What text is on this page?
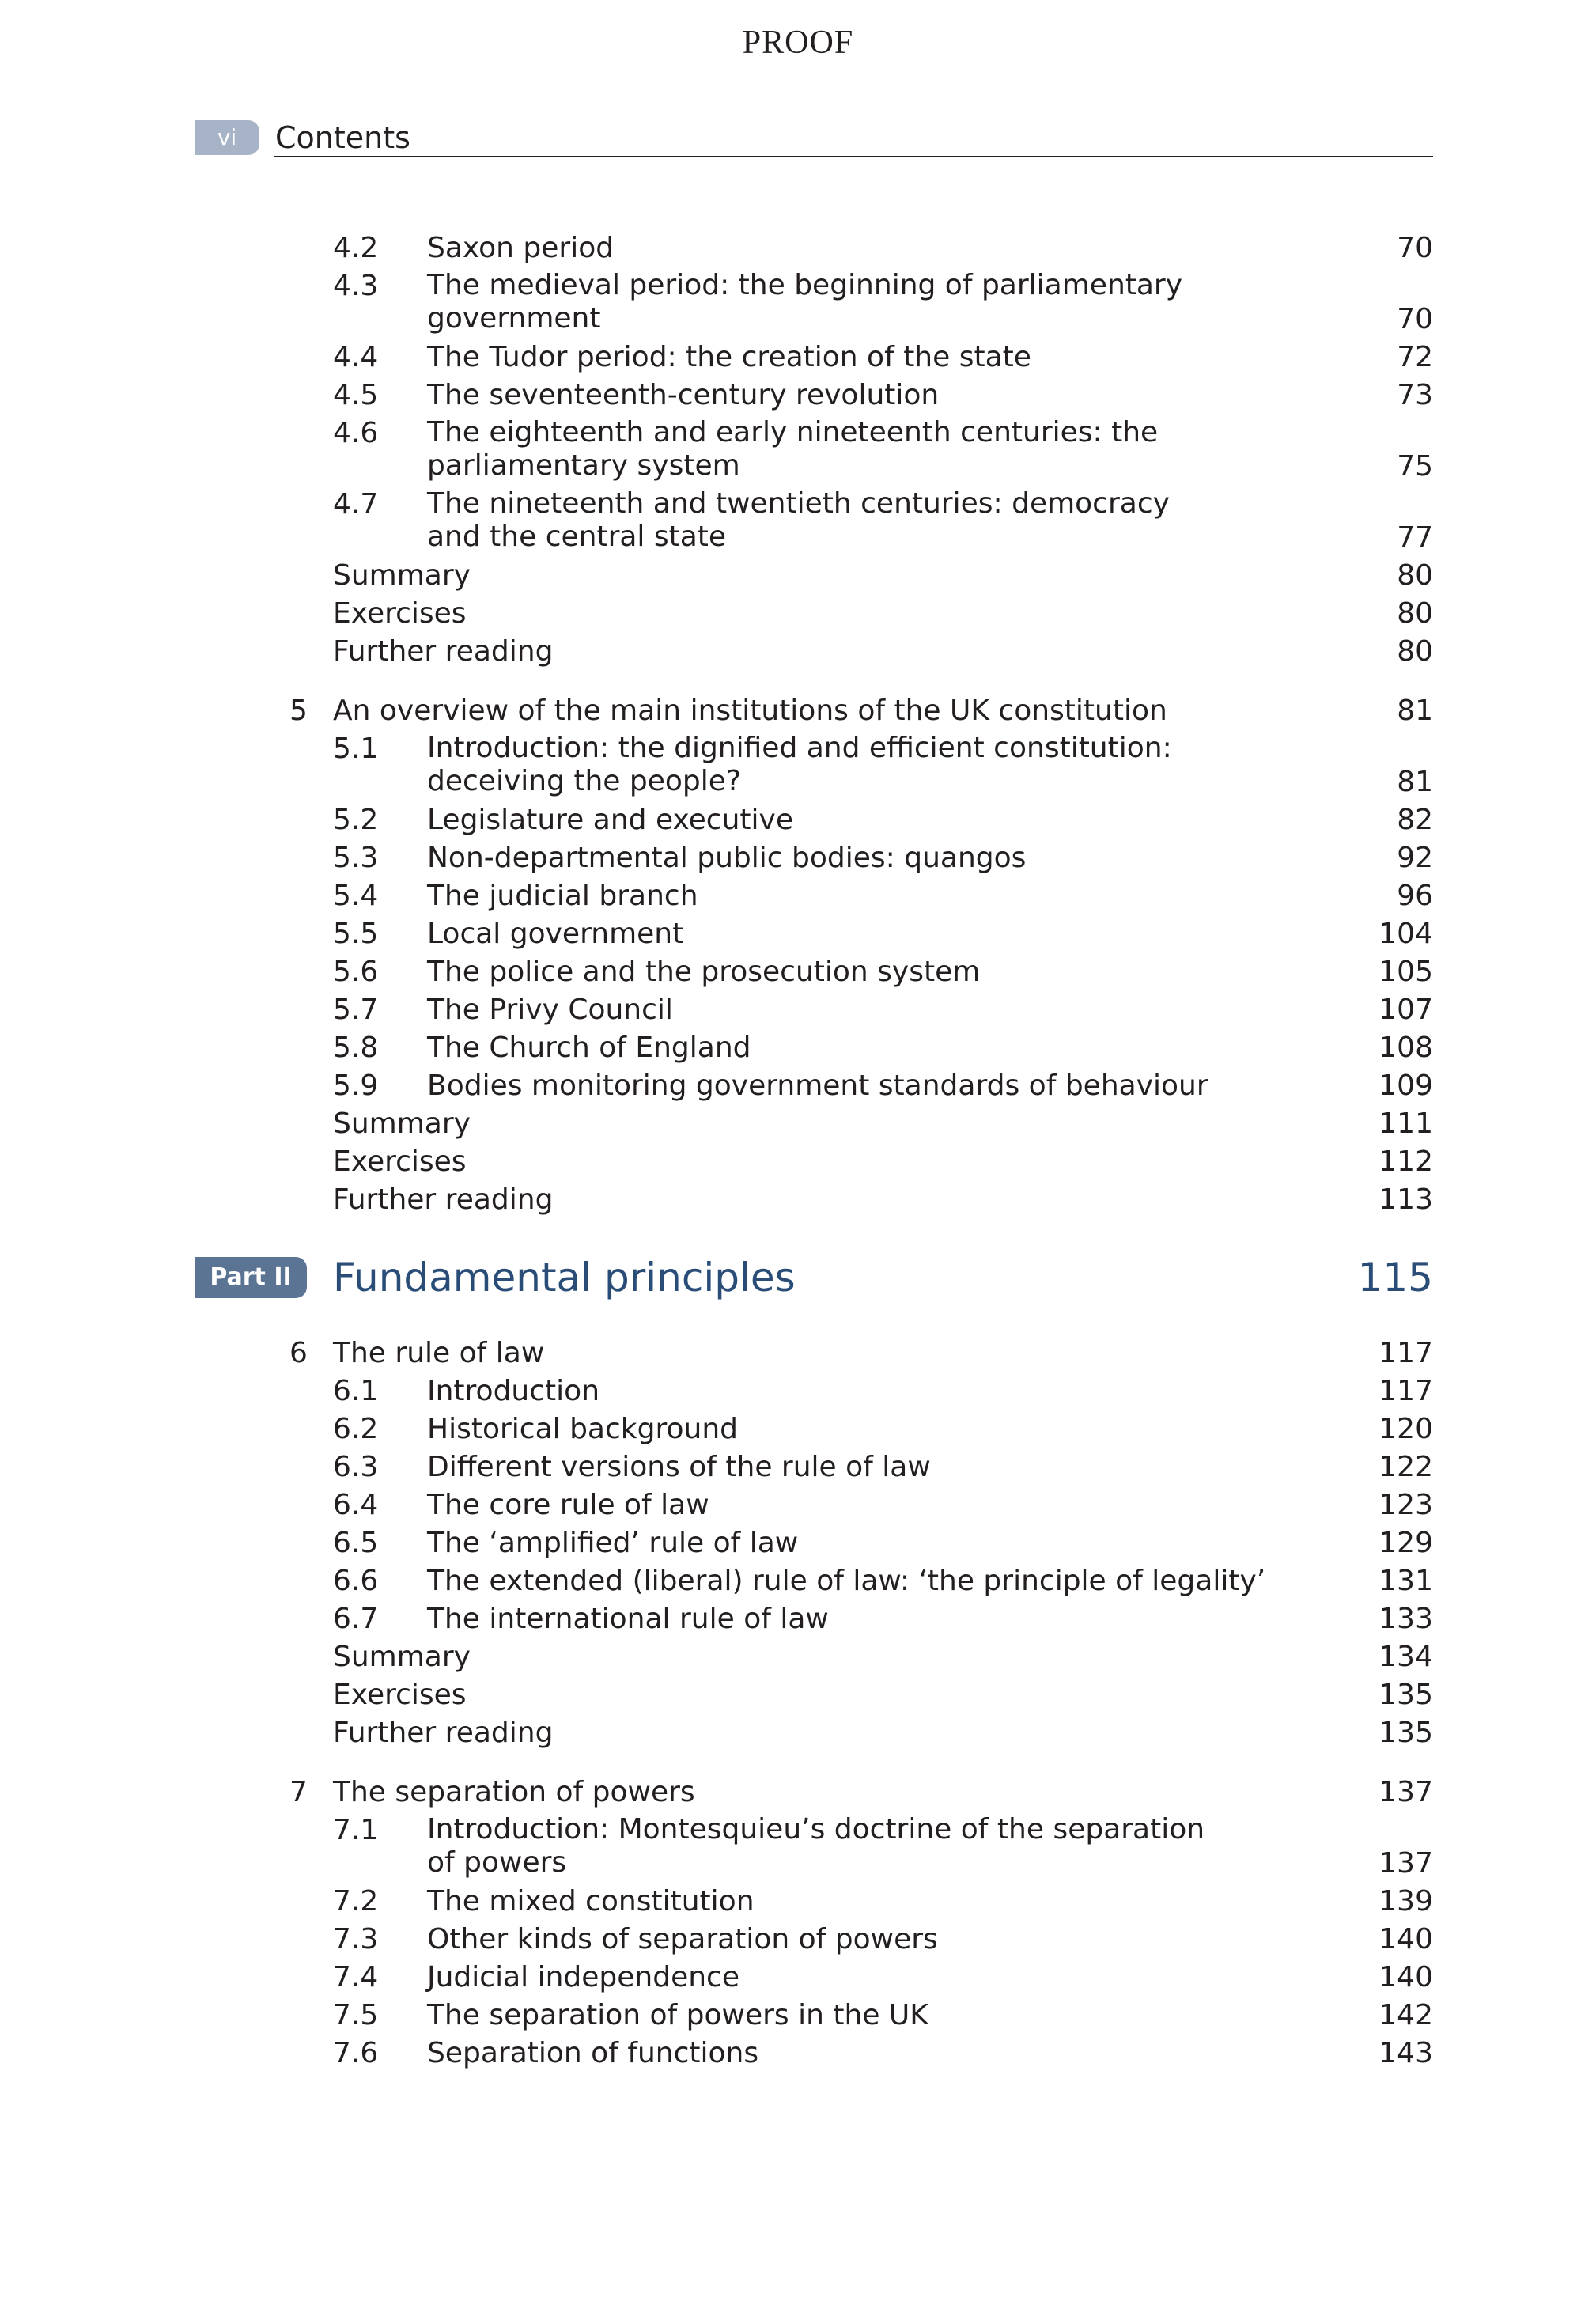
PROOF
vi	Contents
4.2 Saxon period	70
4.3 The medieval period: the beginning of parliamentary government	70
4.4 The Tudor period: the creation of the state	72
4.5 The seventeenth-century revolution	73
4.6 The eighteenth and early nineteenth centuries: the parliamentary system	75
4.7 The nineteenth and twentieth centuries: democracy and the central state	77
Summary	80
Exercises	80
Further reading	80
5 An overview of the main institutions of the UK constitution	81
5.1 Introduction: the dignified and efficient constitution: deceiving the people?	81
5.2 Legislature and executive	82
5.3 Non-departmental public bodies: quangos	92
5.4 The judicial branch	96
5.5 Local government	104
5.6 The police and the prosecution system	105
5.7 The Privy Council	107
5.8 The Church of England	108
5.9 Bodies monitoring government standards of behaviour	109
Summary	111
Exercises	112
Further reading	113
Part II	Fundamental principles	115
6 The rule of law	117
6.1 Introduction	117
6.2 Historical background	120
6.3 Different versions of the rule of law	122
6.4 The core rule of law	123
6.5 The ‘amplified’ rule of law	129
6.6 The extended (liberal) rule of law: ‘the principle of legality’	131
6.7 The international rule of law	133
Summary	134
Exercises	135
Further reading	135
7 The separation of powers	137
7.1 Introduction: Montesquieu’s doctrine of the separation of powers	137
7.2 The mixed constitution	139
7.3 Other kinds of separation of powers	140
7.4 Judicial independence	140
7.5 The separation of powers in the UK	142
7.6 Separation of functions	143
